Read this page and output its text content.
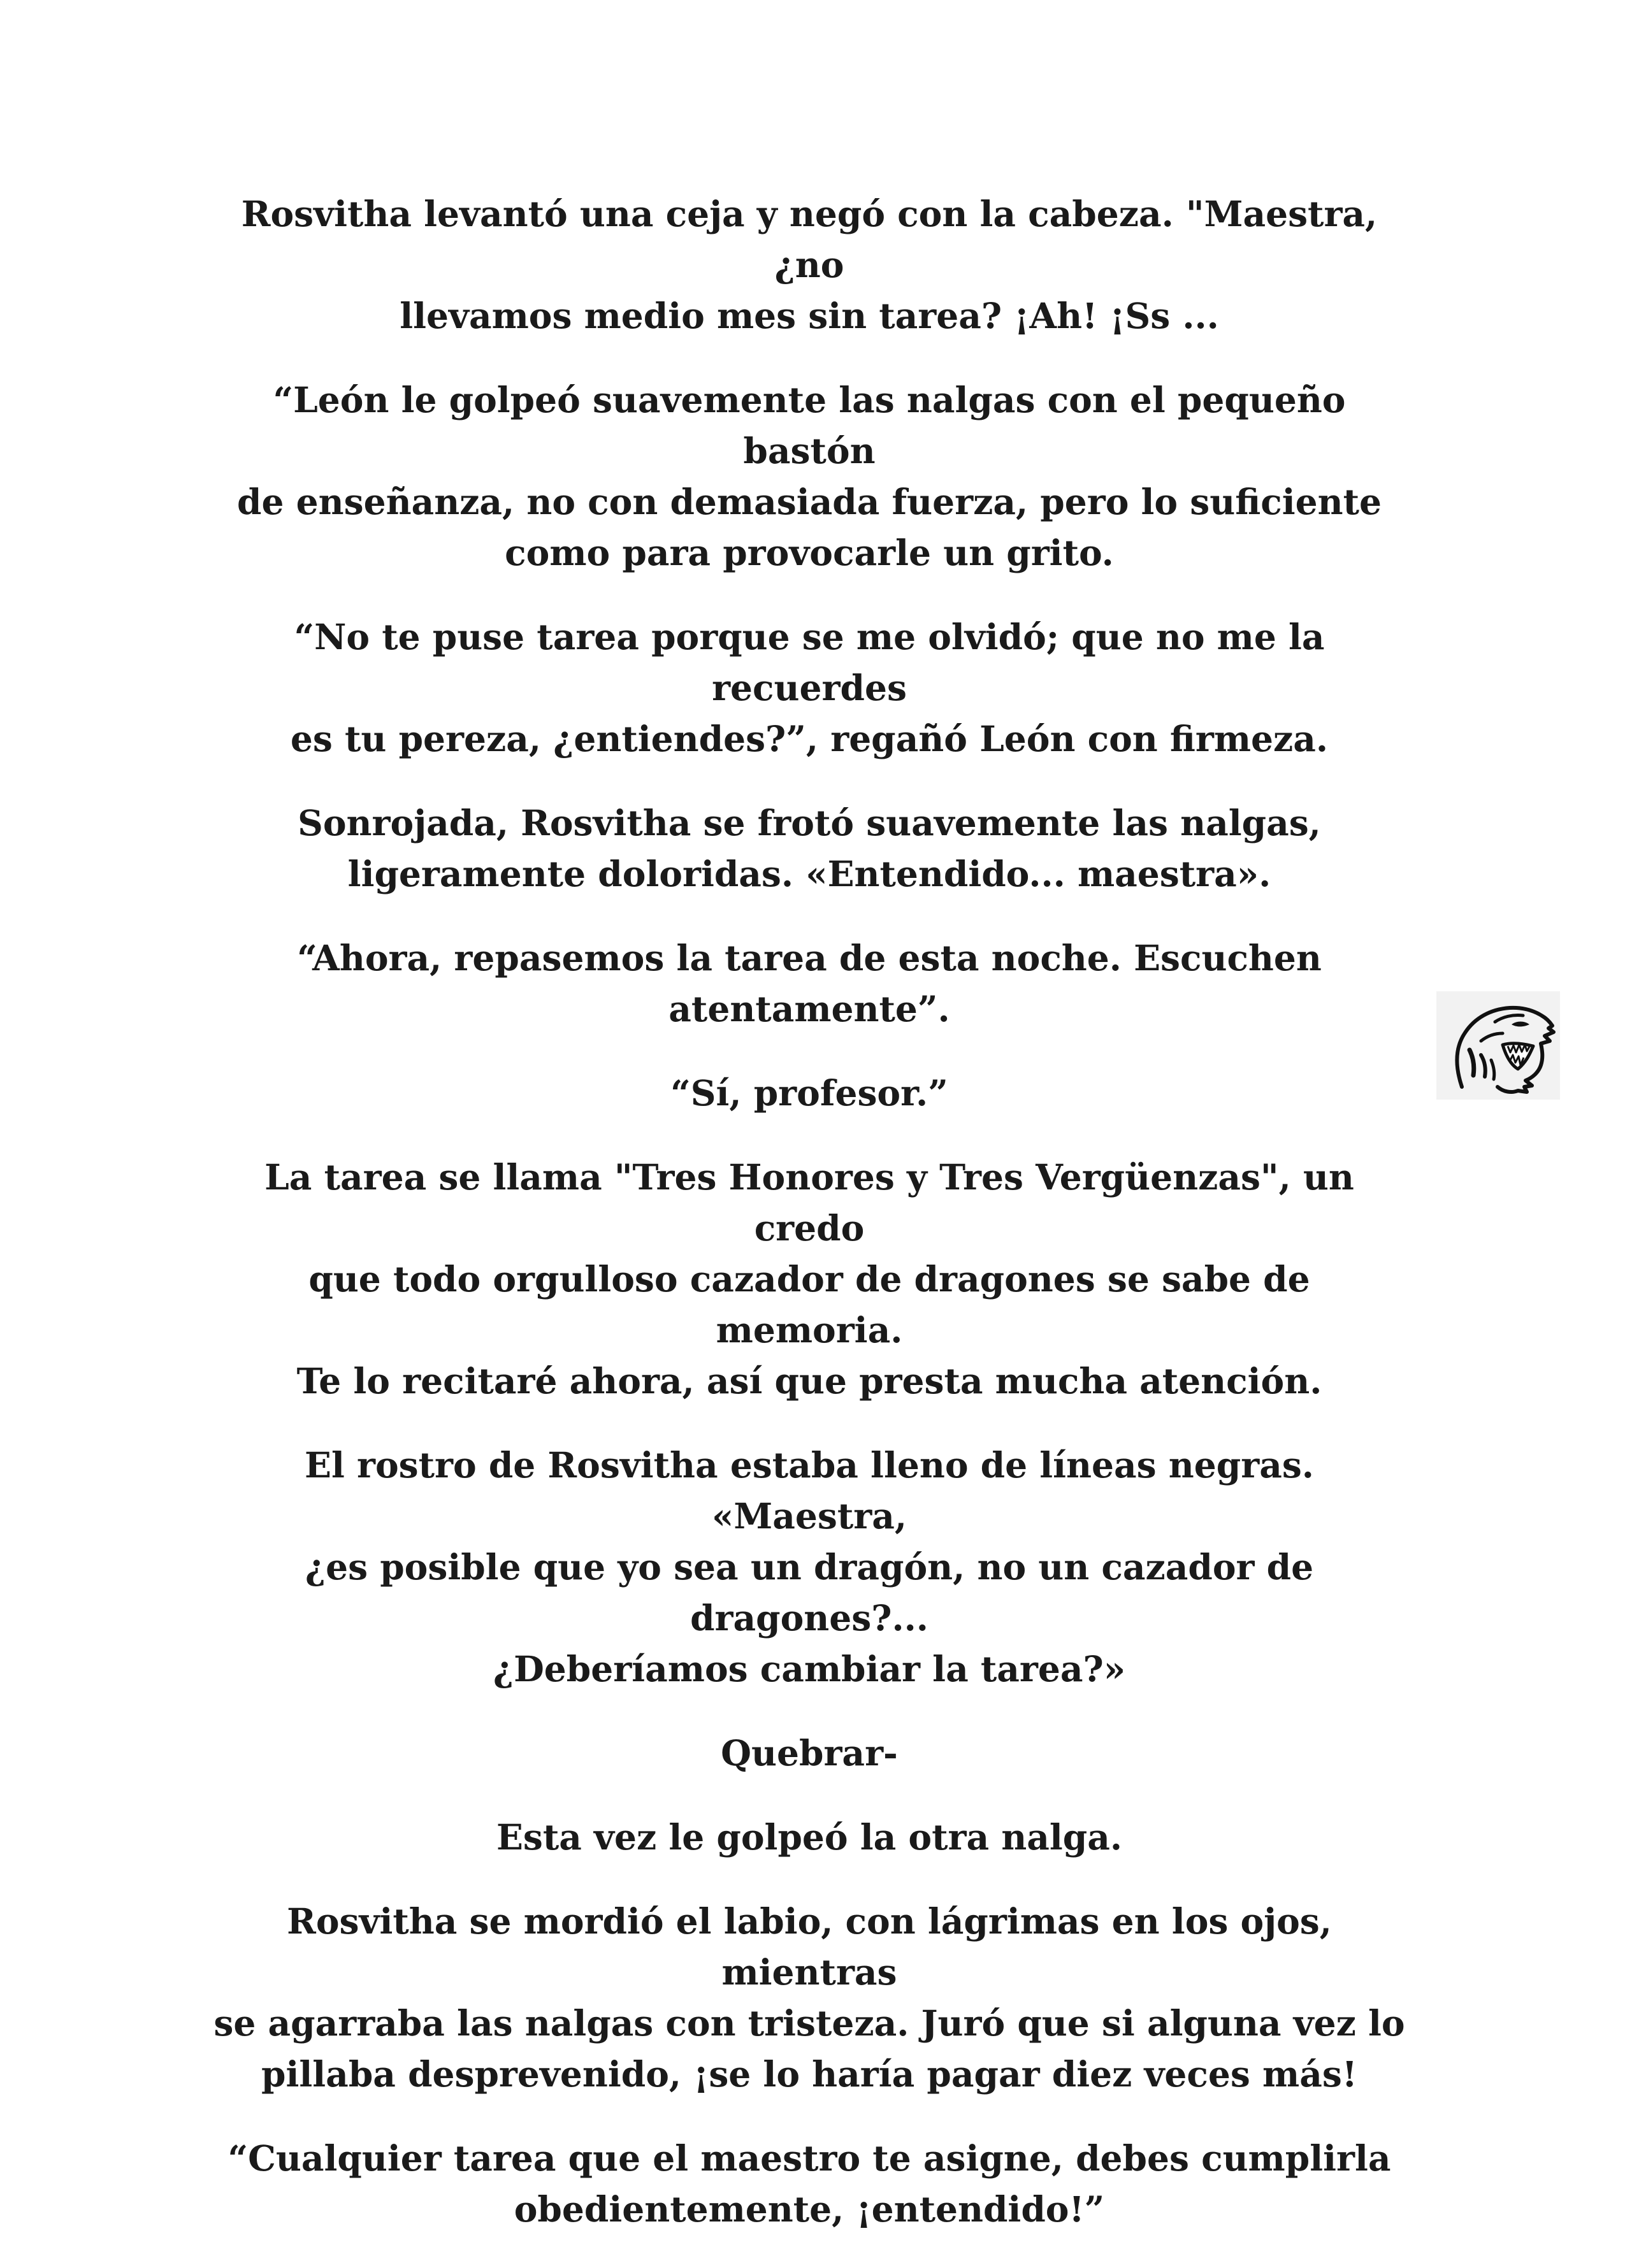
Rosvitha levantó una ceja y negó con la cabeza. "Maestra, ¿no
llevamos medio mes sin tarea? ¡Ah! ¡Ss ...

“León le golpeó suavemente las nalgas con el pequeño bastón
de enseñanza, no con demasiada fuerza, pero lo suficiente
como para provocarle un grito.

“No te puse tarea porque se me olvidó; que no me la recuerdes
es tu pereza, ¿entiendes?”, regañó León con firmeza.

Sonrojada, Rosvitha se frotó suavemente las nalgas,
ligeramente doloridas. «Entendido... maestra».

“Ahora, repasemos la tarea de esta noche. Escuchen
atentamente”.

“Sí, profesor.”

La tarea se llama "Tres Honores y Tres Vergüenzas", un credo
que todo orgulloso cazador de dragones se sabe de memoria.
Te lo recitaré ahora, así que presta mucha atención.

El rostro de Rosvitha estaba lleno de líneas negras. «Maestra,
¿es posible que yo sea un dragón, no un cazador de dragones?...
¿Deberíamos cambiar la tarea?»

Quebrar-

Esta vez le golpeó la otra nalga.

Rosvitha se mordió el labio, con lágrimas en los ojos, mientras
se agarraba las nalgas con tristeza. Juró que si alguna vez lo
pillaba desprevenido, ¡se lo haría pagar diez veces más!

“Cualquier tarea que el maestro te asigne, debes cumplirla
obedientemente, ¡entendido!”
